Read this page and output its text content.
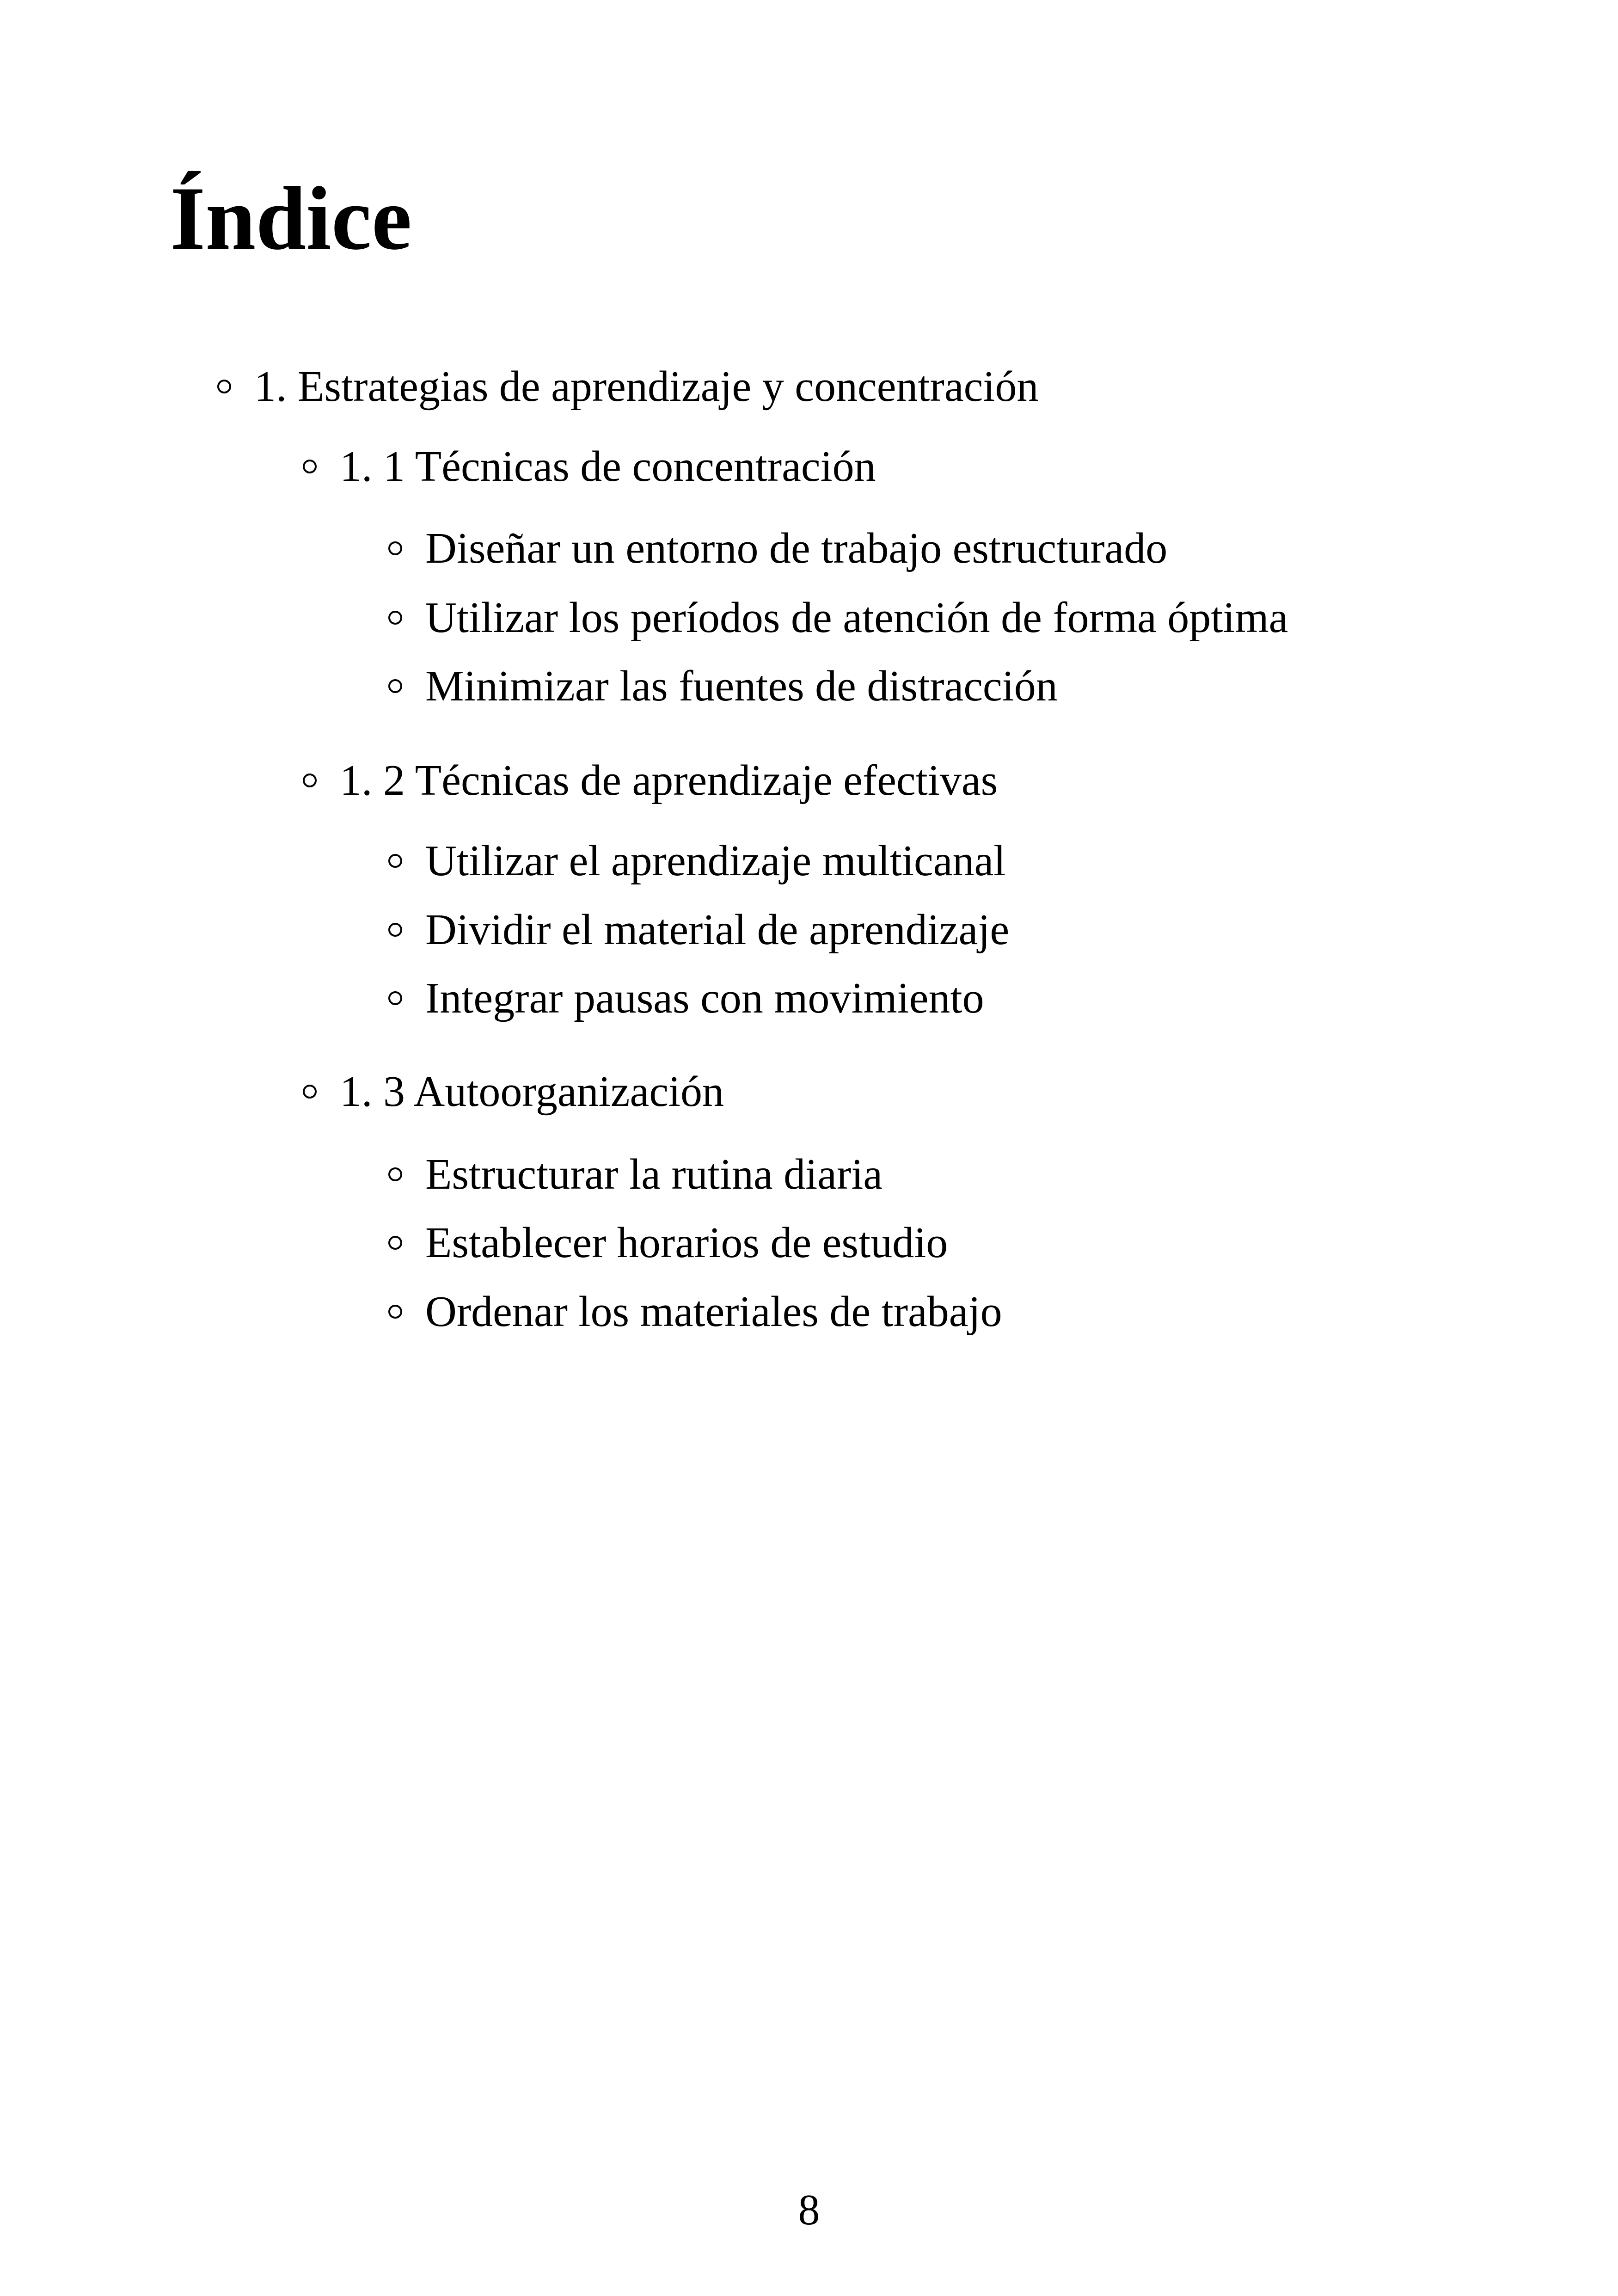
Índice
1. Estrategias de aprendizaje y concentración
1. 1 Técnicas de concentración
Diseñar un entorno de trabajo estructurado
Utilizar los períodos de atención de forma óptima
Minimizar las fuentes de distracción
1. 2 Técnicas de aprendizaje efectivas
Utilizar el aprendizaje multicanal
Dividir el material de aprendizaje
Integrar pausas con movimiento
1. 3 Autoorganización
Estructurar la rutina diaria
Establecer horarios de estudio
Ordenar los materiales de trabajo
8
